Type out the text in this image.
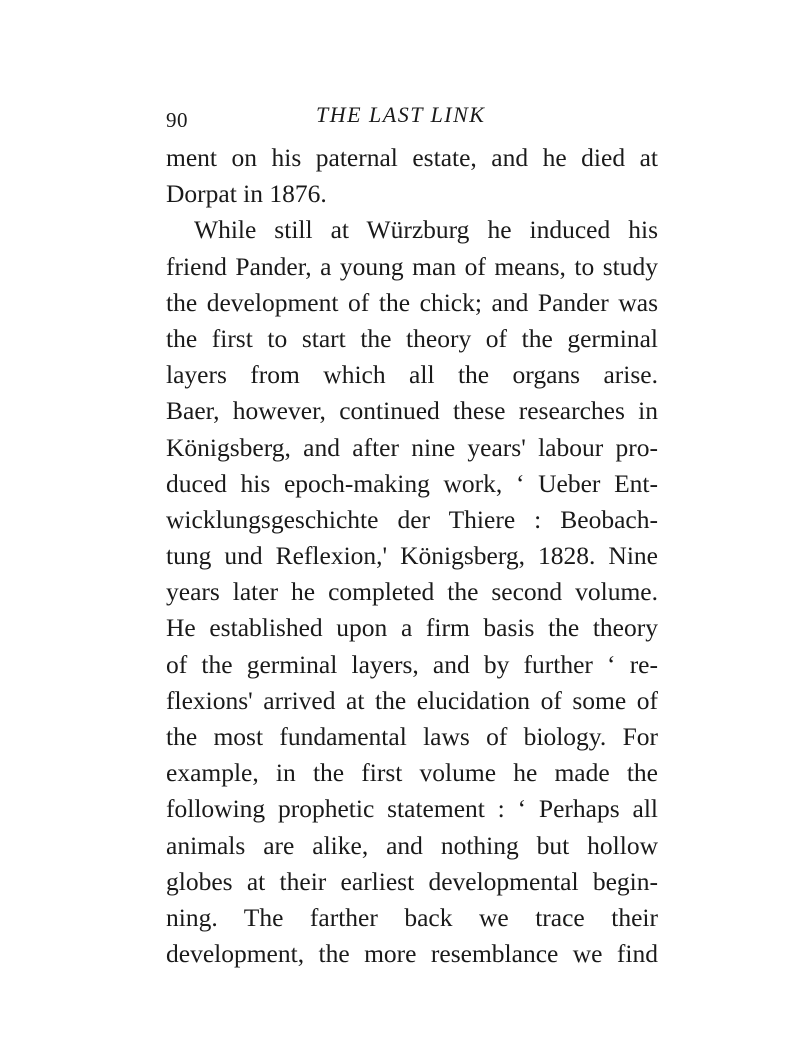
90	THE LAST LINK
ment on his paternal estate, and he died at
Dorpat in 1876.
While still at Würzburg he induced his
friend Pander, a young man of means, to study
the development of the chick; and Pander was
the first to start the theory of the germinal
layers from which all the organs arise.
Baer, however, continued these researches in
Königsberg, and after nine years' labour pro-
duced his epoch-making work, ‘ Ueber Ent-
wicklungsgeschichte der Thiere : Beobach-
tung und Reflexion,' Königsberg, 1828. Nine
years later he completed the second volume.
He established upon a firm basis the theory
of the germinal layers, and by further ‘ re-
flexions' arrived at the elucidation of some of
the most fundamental laws of biology. For
example, in the first volume he made the
following prophetic statement : ‘ Perhaps all
animals are alike, and nothing but hollow
globes at their earliest developmental begin-
ning. The farther back we trace their
development, the more resemblance we find
